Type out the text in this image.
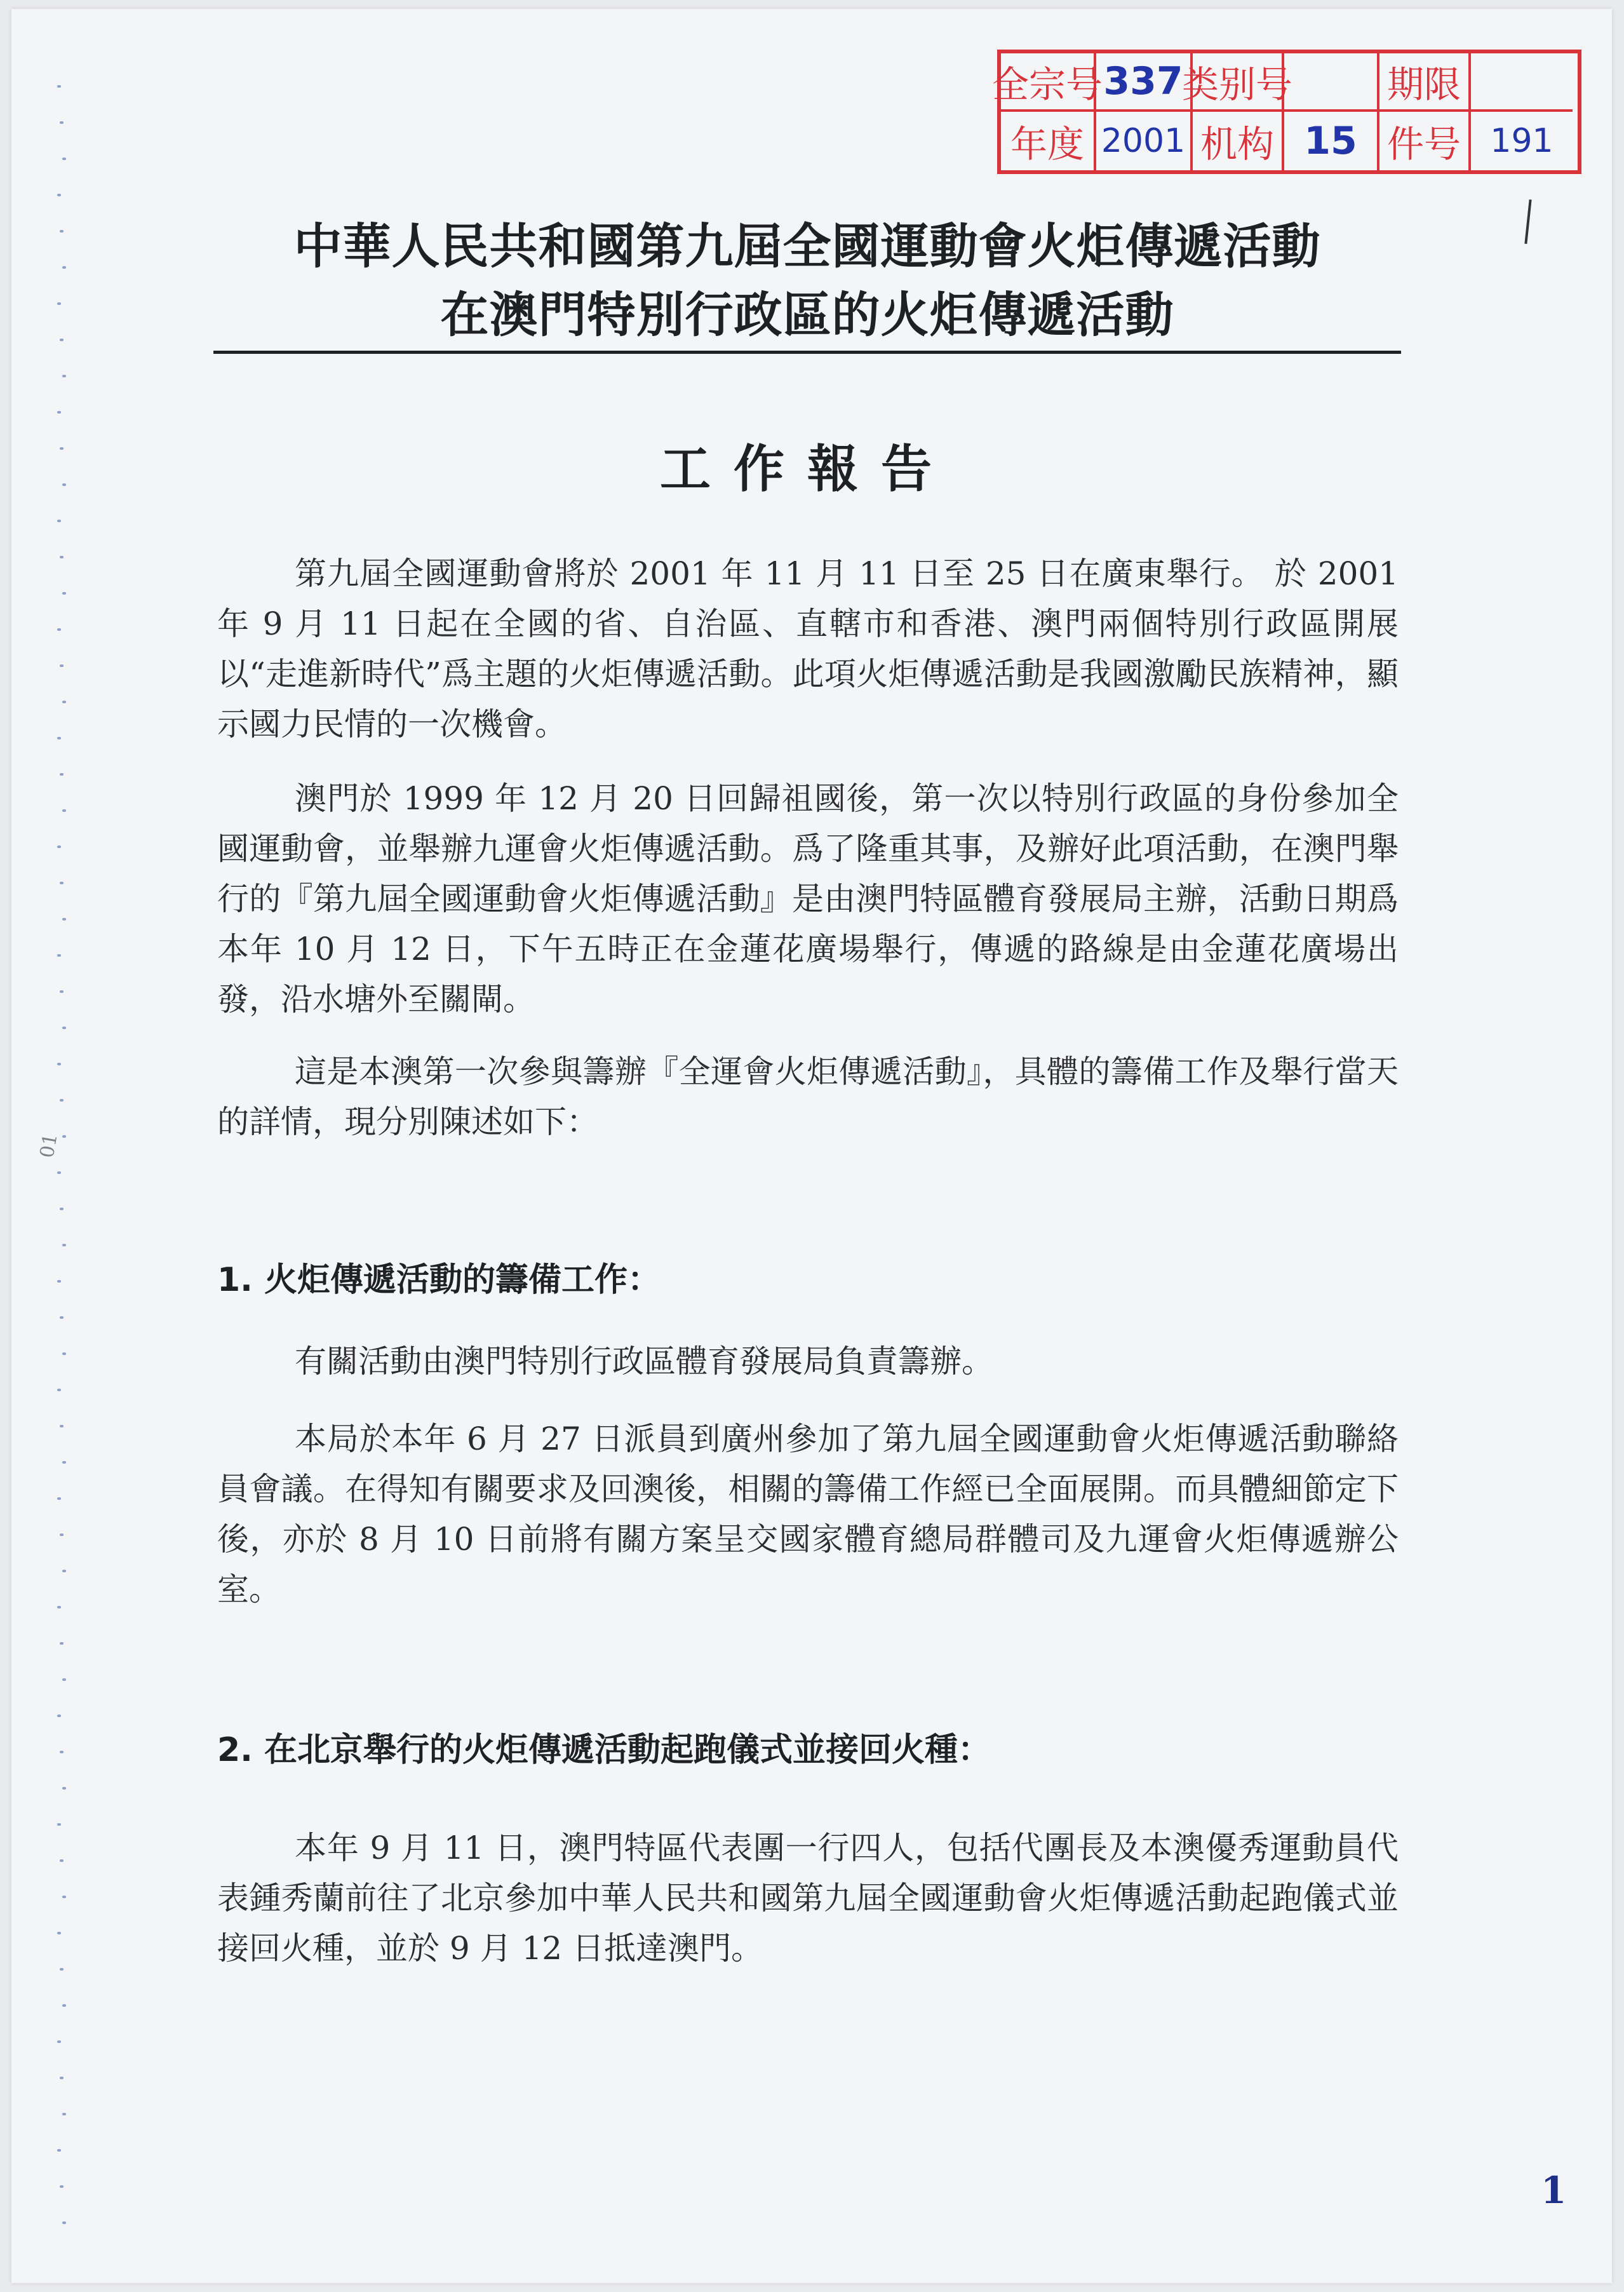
全宗号 337
类别号	期限
年度 2001 机构 15 件号 191
中華人民共和國第九屆全國運動會火炬傳遞活動
在澳門特別行政區的火炬傳遞活動
工作報告
第九屆全國運動會將於 2001 年 11 月 11 日至 25 日在廣東舉行。 於 2001 年 9 月 11 日起在全國的省、自治區、直轄市和香港、澳門兩個特別行政區開展以“走進新時代”爲主題的火炬傳遞活動。此項火炬傳遞活動是我國激勵民族精神，顯示國力民情的一次機會。
澳門於 1999 年 12 月 20 日回歸祖國後，第一次以特別行政區的身份參加全國運動會，並舉辦九運會火炬傳遞活動。爲了隆重其事，及辦好此項活動，在澳門舉行的『第九屆全國運動會火炬傳遞活動』是由澳門特區體育發展局主辦，活動日期爲本年 10 月 12 日，下午五時正在金蓮花廣場舉行，傳遞的路線是由金蓮花廣場出發，沿水塘外至關閘。
這是本澳第一次參與籌辦『全運會火炬傳遞活動』，具體的籌備工作及舉行當天的詳情，現分別陳述如下：
1. 火炬傳遞活動的籌備工作：
有關活動由澳門特別行政區體育發展局負責籌辦。
本局於本年 6 月 27 日派員到廣州參加了第九屆全國運動會火炬傳遞活動聯絡員會議。在得知有關要求及回澳後，相關的籌備工作經已全面展開。而具體細節定下後，亦於 8 月 10 日前將有關方案呈交國家體育總局群體司及九運會火炬傳遞辦公室。
2. 在北京舉行的火炬傳遞活動起跑儀式並接回火種：
本年 9 月 11 日，澳門特區代表團一行四人，包括代團長及本澳優秀運動員代表鍾秀蘭前往了北京參加中華人民共和國第九屆全國運動會火炬傳遞活動起跑儀式並接回火種，並於 9 月 12 日抵達澳門。
01
1
